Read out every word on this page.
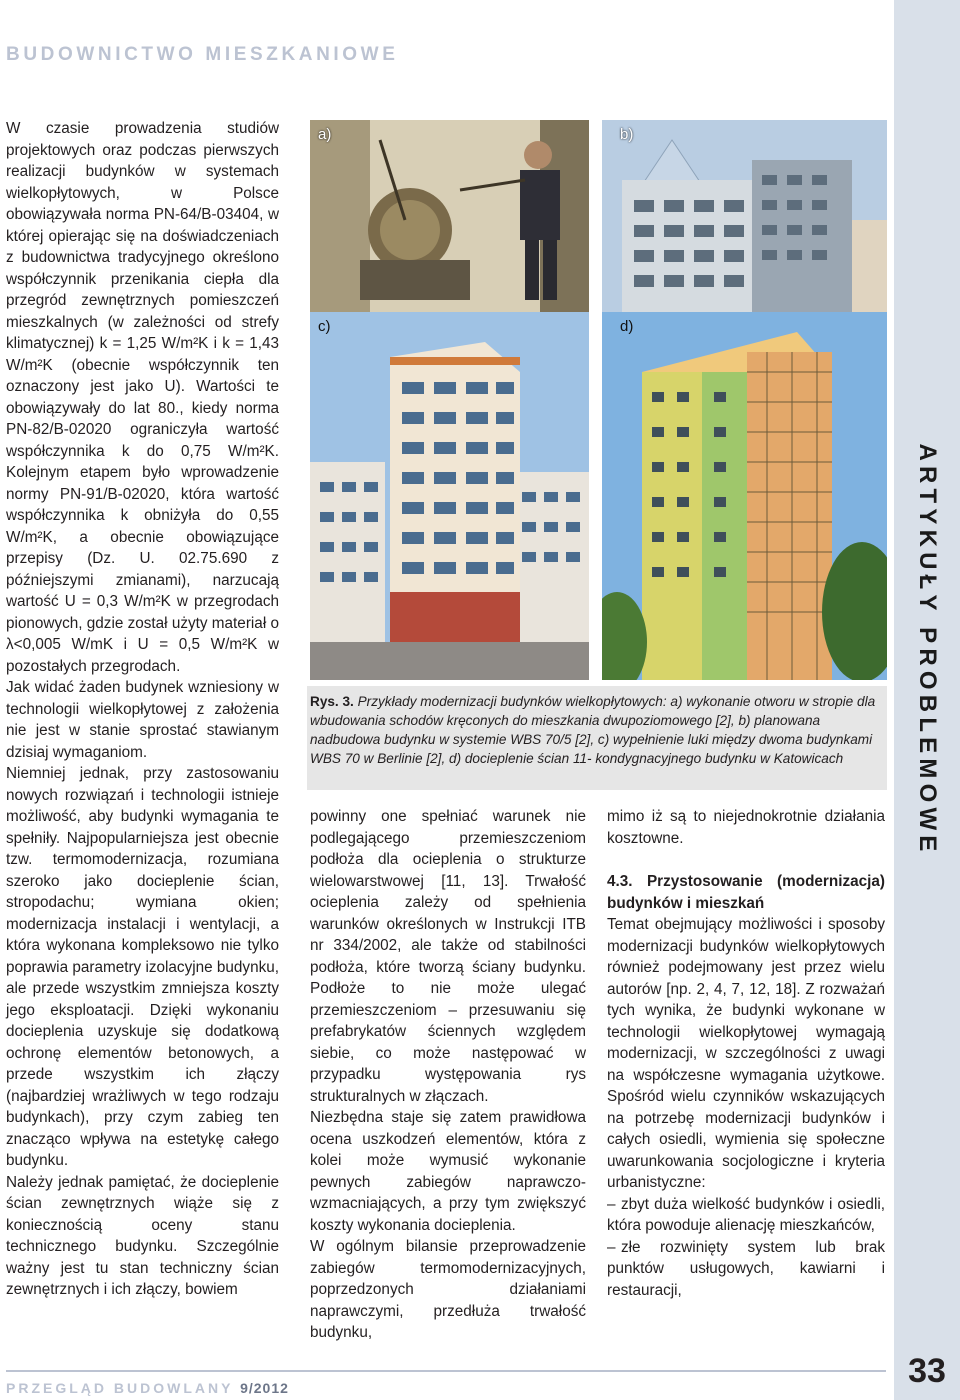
BUDOWNICTWO MIESZKANIOWE
ARTYKUŁY PROBLEMOWE
33

W czasie prowadzenia studiów projektowych oraz podczas pierwszych realizacji budynków w systemach wielkopłytowych, w Polsce obowiązywała norma PN-64/B-03404, w której opierając się na doświadczeniach z budownictwa tradycyjnego określono współczynnik przenikania ciepła dla przegród zewnętrznych pomieszczeń mieszkalnych (w zależności od strefy klimatycznej) k = 1,25 W/m²K i k = 1,43 W/m²K (obecnie współczynnik ten oznaczony jest jako U). Wartości te obowiązywały do lat 80., kiedy norma PN-82/B-02020 ograniczyła wartość współczynnika k do 0,75 W/m²K. Kolejnym etapem było wprowadzenie normy PN-91/B-02020, która wartość współczynnika k obniżyła do 0,55 W/m²K, a obecnie obowiązujące przepisy (Dz. U. 02.75.690 z późniejszymi zmianami), narzucają wartość U = 0,3 W/m²K w przegrodach pionowych, gdzie został użyty materiał o λ<0,005 W/mK i U = 0,5 W/m²K w pozostałych przegrodach.

Jak widać żaden budynek wzniesiony w technologii wielkopłytowej z założenia nie jest w stanie sprostać stawianym dzisiaj wymaganiom.

Niemniej jednak, przy zastosowaniu nowych rozwiązań i technologii istnieje możliwość, aby budynki wymagania te spełniły. Najpopularniejsza jest obecnie tzw. termomodernizacja, rozumiana szeroko jako docieplenie ścian, stropodachu; wymiana okien; modernizacja instalacji i wentylacji, a która wykonana kompleksowo nie tylko poprawia parametry izolacyjne budynku, ale przede wszystkim zmniejsza koszty jego eksploatacji. Dzięki wykonaniu docieplenia uzyskuje się dodatkową ochronę elementów betonowych, a przede wszystkim ich złączy (najbardziej wrażliwych w tego rodzaju budynkach), przy czym zabieg ten znacząco wpływa na estetykę całego budynku.

Należy jednak pamiętać, że docieplenie ścian zewnętrznych wiąże się z koniecznością oceny stanu technicznego budynku. Szczególnie ważny jest tu stan techniczny ścian zewnętrznych i ich złączy, bowiem

a)	b)
c)	d)
Rys. 3. Przykłady modernizacji budynków wielkopłytowych: a) wykonanie otworu w stropie dla wbudowania schodów kręconych do mieszkania dwupoziomowego [2], b) planowana nadbudowa budynku w systemie WBS 70/5 [2], c) wypełnienie luki między dwoma budynkami WBS 70 w Berlinie [2], d) docieplenie ścian 11- kondygnacyjnego budynku w Katowicach

powinny one spełniać warunek nie podlegającego przemieszczeniom podłoża dla ocieplenia o strukturze wielowarstwowej [11, 13]. Trwałość ocieplenia zależy od spełnienia warunków określonych w Instrukcji ITB nr 334/2002, ale także od stabilności podłoża, które tworzą ściany budynku. Podłoże to nie może ulegać przemieszczeniom – przesuwaniu się prefabrykatów ściennych względem siebie, co może następować w przypadku występowania rys strukturalnych w złączach.

Niezbędna staje się zatem prawidłowa ocena uszkodzeń elementów, która z kolei może wymusić wykonanie pewnych zabiegów naprawczo-wzmacniających, a przy tym zwiększyć koszty wykonania docieplenia.

W ogólnym bilansie przeprowadzenie zabiegów termomodernizacyjnych, poprzedzonych działaniami naprawczymi, przedłuża trwałość budynku,

mimo iż są to niejednokrotnie działania kosztowne.

4.3. Przystosowanie (modernizacja) budynków i mieszkań

Temat obejmujący możliwości i sposoby modernizacji budynków wielkopłytowych również podejmowany jest przez wielu autorów [np. 2, 4, 7, 12, 18]. Z rozważań tych wynika, że budynki wykonane w technologii wielkopłytowej wymagają modernizacji, w szczególności z uwagi na współczesne wymagania użytkowe. Spośród wielu czynników wskazujących na potrzebę modernizacji budynków i całych osiedli, wymienia się społeczne uwarunkowania socjologiczne i kryteria urbanistyczne:

– zbyt duża wielkość budynków i osiedli, która powoduje alienację mieszkańców,

– złe rozwinięty system lub brak punktów usługowych, kawiarni i restauracji,

PRZEGLĄD BUDOWLANY 9/2012
